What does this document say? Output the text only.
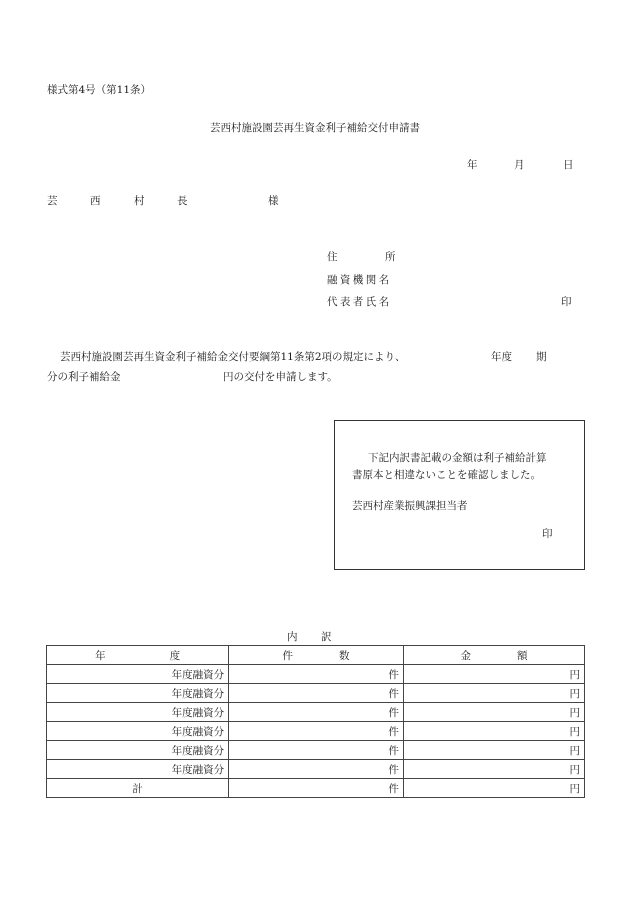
様式第4号（第11条）
芸西村施設園芸再生資金利子補給交付申請書
年	月	日
芸	西	村	長	様
住	所
融資機関名
代表者氏名	印
芸西村施設園芸再生資金利子補給金交付要綱第11条第2項の規定により、	年度 期
分の利子補給金	円の交付を申請します。
下記内訳書記載の金額は利子補給計算
書原本と相違ないことを確認しました。
芸西村産業振興課担当者
印
内 訳
年 度	件 数	金 額
年度融資分	件	円
年度融資分	件	円
年度融資分	件	円
年度融資分	件	円
年度融資分	件	円
年度融資分	件	円
計	件	円
